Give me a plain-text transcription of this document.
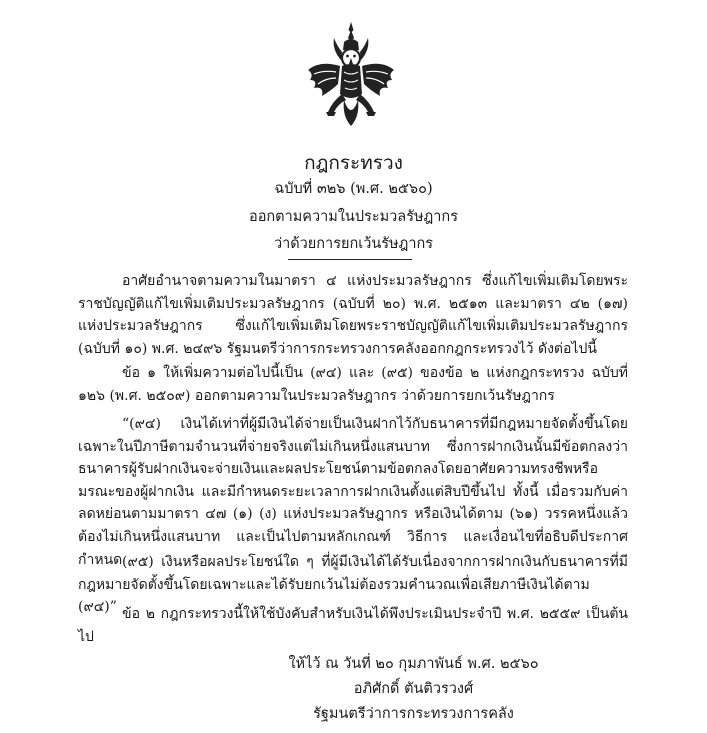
กฎกระทรวง

ฉบับที่ ๓๒๖ (พ.ศ. ๒๕๖๐)

ออกตามความในประมวลรัษฎากร

ว่าด้วยการยกเว้นรัษฎากร

อาศัยอำนาจตามความในมาตรา ๔ แห่งประมวลรัษฎากร ซึ่งแก้ไขเพิ่มเติมโดยพระราชบัญญัติแก้ไขเพิ่มเติมประมวลรัษฎากร (ฉบับที่ ๒๐) พ.ศ. ๒๕๑๓ และมาตรา ๔๒ (๑๗) แห่งประมวลรัษฎากร ซึ่งแก้ไขเพิ่มเติมโดยพระราชบัญญัติแก้ไขเพิ่มเติมประมวลรัษฎากร (ฉบับที่ ๑๐) พ.ศ. ๒๔๙๖ รัฐมนตรีว่าการกระทรวงการคลังออกกฎกระทรวงไว้ ดังต่อไปนี้

ข้อ ๑ ให้เพิ่มความต่อไปนี้เป็น (๙๔) และ (๙๕) ของข้อ ๒ แห่งกฎกระทรวง ฉบับที่ ๑๒๖ (พ.ศ. ๒๕๐๙) ออกตามความในประมวลรัษฎากร ว่าด้วยการยกเว้นรัษฎากร

“(๙๔) เงินได้เท่าที่ผู้มีเงินได้จ่ายเป็นเงินฝากไว้กับธนาคารที่มีกฎหมายจัดตั้งขึ้นโดยเฉพาะในปีภาษีตามจำนวนที่จ่ายจริงแต่ไม่เกินหนึ่งแสนบาท ซึ่งการฝากเงินนั้นมีข้อตกลงว่าธนาคารผู้รับฝากเงินจะจ่ายเงินและผลประโยชน์ตามข้อตกลงโดยอาศัยความทรงชีพหรือมรณะของผู้ฝากเงิน และมีกำหนดระยะเวลาการฝากเงินตั้งแต่สิบปีขึ้นไป ทั้งนี้ เมื่อรวมกับค่าลดหย่อนตามมาตรา ๔๗ (๑) (ง) แห่งประมวลรัษฎากร หรือเงินได้ตาม (๖๑) วรรคหนึ่งแล้ว ต้องไม่เกินหนึ่งแสนบาท และเป็นไปตามหลักเกณฑ์ วิธีการ และเงื่อนไขที่อธิบดีประกาศกำหนด (๙๕) เงินหรือผลประโยชน์ใด ๆ ที่ผู้มีเงินได้ได้รับเนื่องจากการฝากเงินกับธนาคารที่มีกฎหมายจัดตั้งขึ้นโดยเฉพาะและได้รับยกเว้นไม่ต้องรวมคำนวณเพื่อเสียภาษีเงินได้ตาม (๙๔)” ข้อ ๒ กฎกระทรวงนี้ให้ใช้บังคับสำหรับเงินได้พึงประเมินประจำปี พ.ศ. ๒๕๕๙ เป็นต้นไป

ให้ไว้ ณ วันที่ ๒๐ กุมภาพันธ์ พ.ศ. ๒๕๖๐

อภิศักดิ์ ตันติวรวงศ์

รัฐมนตรีว่าการกระทรวงการคลัง
